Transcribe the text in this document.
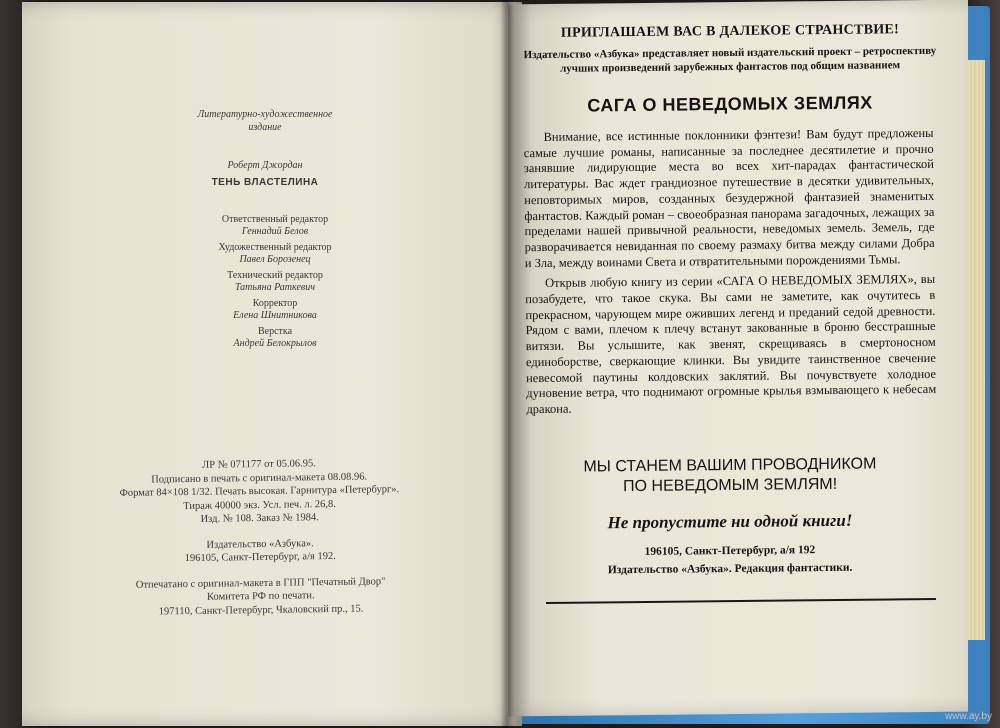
Литературно-художественное издание
Роберт Джордан
ТЕНЬ ВЛАСТЕЛИНА
Ответственный редактор
Геннадий Белов
Художественный редактор
Павел Борозенец
Технический редактор
Татьяна Раткевич
Корректор
Елена Шнитникова
Верстка
Андрей Белокрылов
ЛР № 071177 от 05.06.95.
Подписано в печать с оригинал-макета 08.08.96.
Формат 84×108 1/32. Печать высокая. Гарнитура «Петербург».
Тираж 40000 экз. Усл. печ. л. 26,8.
Изд. № 108. Заказ № 1984.
Издательство «Азбука».
196105, Санкт-Петербург, а/я 192.
Отпечатано с оригинал-макета в ГПП "Печатный Двор"
Комитета РФ по печати.
197110, Санкт-Петербург, Чкаловский пр., 15.
ПРИГЛАШАЕМ ВАС В ДАЛЕКОЕ СТРАНСТВИЕ!
Издательство «Азбука» представляет новый издательский проект – ретроспективу лучших произведений зарубежных фантастов под общим названием
САГА О НЕВЕДОМЫХ ЗЕМЛЯХ

Внимание, все истинные поклонники фэнтези! Вам будут предложены самые лучшие романы, написанные за последнее десятилетие и прочно занявшие лидирующие места во всех хит-парадах фантастической литературы. Вас ждет грандиозное путешествие в десятки удивительных, неповторимых миров, созданных безудержной фантазией знаменитых фантастов. Каждый роман – своеобразная панорама загадочных, лежащих за пределами нашей привычной реальности, неведомых земель. Земель, где разворачивается невиданная по своему размаху битва между силами Добра и Зла, между воинами Света и отвратительными порождениями Тьмы.

Открыв любую книгу из серии «САГА О НЕВЕДОМЫХ ЗЕМЛЯХ», вы позабудете, что такое скука. Вы сами не заметите, как очутитесь в прекрасном, чарующем мире оживших легенд и преданий седой древности. Рядом с вами, плечом к плечу встанут закованные в броню бесстрашные витязи. Вы услышите, как звенят, скрещиваясь в смертоносном единоборстве, сверкающие клинки. Вы увидите таинственное свечение невесомой паутины колдовских заклятий. Вы почувствуете холодное дуновение ветра, что поднимают огромные крылья взмывающего к небесам дракона.

МЫ СТАНЕМ ВАШИМ ПРОВОДНИКОМ
ПО НЕВЕДОМЫМ ЗЕМЛЯМ!
Не пропустите ни одной книги!
196105, Санкт-Петербург, а/я 192
Издательство «Азбука». Редакция фантастики.
www.ay.by
